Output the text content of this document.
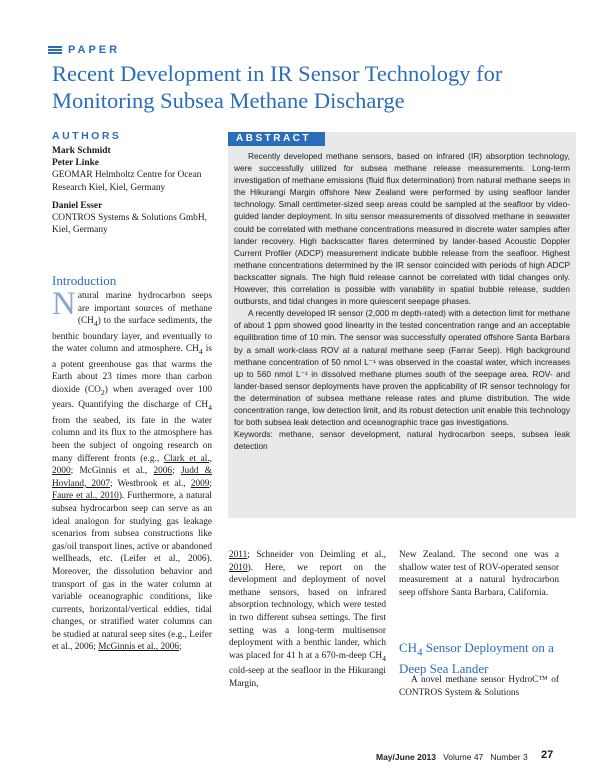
PAPER
Recent Development in IR Sensor Technology for Monitoring Subsea Methane Discharge
AUTHORS
Mark Schmidt
Peter Linke
GEOMAR Helmholtz Centre for Ocean Research Kiel, Kiel, Germany
Daniel Esser
CONTROS Systems & Solutions GmbH, Kiel, Germany
ABSTRACT

Recently developed methane sensors, based on infrared (IR) absorption technology, were successfully utilized for subsea methane release measurements. Long-term investigation of methane emissions (fluid flux determination) from natural methane seeps in the Hikurangi Margin offshore New Zealand were performed by using seafloor lander technology. Small centimeter-sized seep areas could be sampled at the seafloor by video-guided lander deployment. In situ sensor measurements of dissolved methane in seawater could be correlated with methane concentrations measured in discrete water samples after lander recovery. High backscatter flares determined by lander-based Acoustic Doppler Current Profiler (ADCP) measurement indicate bubble release from the seafloor. Highest methane concentrations determined by the IR sensor coincided with periods of high ADCP backscatter signals. The high fluid release cannot be correlated with tidal changes only. However, this correlation is possible with variability in spatial bubble release, sudden outbursts, and tidal changes in more quiescent seepage phases.

A recently developed IR sensor (2,000 m depth-rated) with a detection limit for methane of about 1 ppm showed good linearity in the tested concentration range and an acceptable equilibration time of 10 min. The sensor was successfully operated offshore Santa Barbara by a small work-class ROV at a natural methane seep (Farrar Seep). High background methane concentration of 50 nmol L⁻¹ was observed in the coastal water, which increases up to 560 nmol L⁻¹ in dissolved methane plumes south of the seepage area. ROV- and lander-based sensor deployments have proven the applicability of IR sensor technology for the determination of subsea methane release rates and plume distribution. The wide concentration range, low detection limit, and its robust detection unit enable this technology for both subsea leak detection and oceanographic trace gas investigations.

Keywords: methane, sensor development, natural hydrocarbon seeps, subsea leak detection

Introduction
Natural marine hydrocarbon seeps are important sources of methane $(CH_4)$ to the surface sediments, the benthic boundary layer, and eventually to the water column and atmosphere. $CH_4$ is a potent greenhouse gas that warms the Earth about 23 times more than carbon dioxide $(CO_2)$ when averaged over 100 years. Quantifying the discharge of $CH_4$ from the seabed, its fate in the water column and its flux to the atmosphere has been the subject of ongoing research on many different fronts (e.g., Clark et al., 2000; McGinnis et al., 2006; Judd & Hovland, 2007; Westbrook et al., 2009; Faure et al., 2010). Furthermore, a natural subsea hydrocarbon seep can serve as an ideal analogon for studying gas leakage scenarios from subsea constructions like gas/oil transport lines, active or abandoned wellheads, etc. (Leifer et al., 2006). Moreover, the dissolution behavior and transport of gas in the water column at variable oceanographic conditions, like currents, horizontal/vertical eddies, tidal changes, or stratified water columns can be studied at natural seep sites (e.g., Leifer et al., 2006; McGinnis et al., 2006;
2011; Schneider von Deimling et al., 2010). Here, we report on the development and deployment of novel methane sensors, based on infrared absorption technology, which were tested in two different subsea settings. The first setting was a long-term multisensor deployment with a benthic lander, which was placed for 41 h at a 670-m-deep $CH_4$ cold-seep at the seafloor in the Hikurangi Margin,
New Zealand. The second one was a shallow water test of ROV-operated sensor measurement at a natural hydrocarbon seep offshore Santa Barbara, California.
$CH_4$ Sensor Deployment on a Deep Sea Lander
A novel methane sensor HydroC™ of CONTROS System & Solutions
May/June 2013 Volume 47 Number 3 27
